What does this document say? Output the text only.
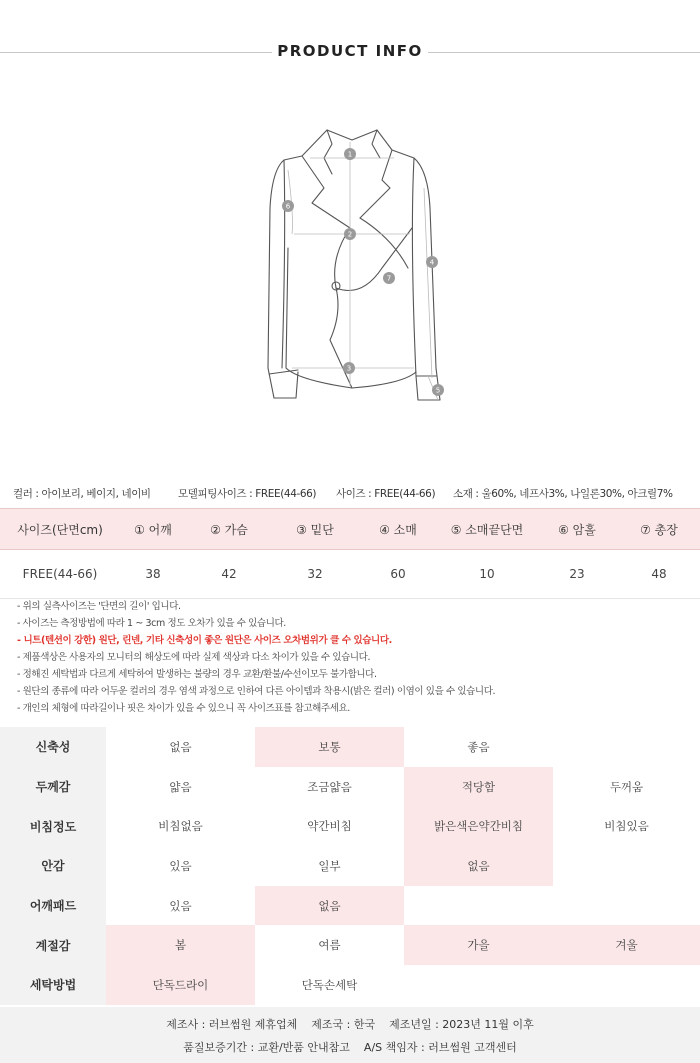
PRODUCT INFO
1
2
3
4
5
6
7
컬러 : 아이보리, 베이지, 네이비	모델피팅사이즈 : FREE(44-66) 사이즈 : FREE(44-66) 소재 : 울60%, 네프사3%, 나일론30%, 아크릴7%
사이즈(단면cm)	① 어깨	② 가슴	③ 밑단	④ 소매	⑤ 소매끝단면	⑥ 암홀	⑦ 총장
FREE(44-66)	38	42	32	60	10	23	48
- 위의 실측사이즈는 '단면의 길이' 입니다.
- 사이즈는 측정방법에 따라 1 ~ 3cm 정도 오차가 있을 수 있습니다.
- 니트(텐션이 강한) 원단, 린넨, 기타 신축성이 좋은 원단은 사이즈 오차범위가 클 수 있습니다.
- 제품색상은 사용자의 모니터의 해상도에 따라 실제 색상과 다소 차이가 있을 수 있습니다.
- 정해진 세탁법과 다르게 세탁하여 발생하는 불량의 경우 교환/환불/수선이모두 불가합니다.
- 원단의 종류에 따라 어두운 컬러의 경우 염색 과정으로 인하여 다른 아이템과 착용시(밝은 컬러) 이염이 있을 수 있습니다.
- 개인의 체형에 따라길이나 핏은 차이가 있을 수 있으니 꼭 사이즈표를 참고해주세요.
신축성	없음	보통	좋음	
두께감	얇음	조금얇음	적당함	두꺼움
비침정도	비침없음	약간비침	밝은색은약간비침	비침있음
안감	있음	일부	없음	
어깨패드	있음	없음		
계절감	봄	여름	가을	겨울
세탁방법	단독드라이	단독손세탁		
제조사 : 러브썸원 제휴업체    제조국 : 한국    제조년일 : 2023년 11월 이후
품질보증기간 : 교환/반품 안내참고    A/S 책임자 : 러브썸원 고객센터
